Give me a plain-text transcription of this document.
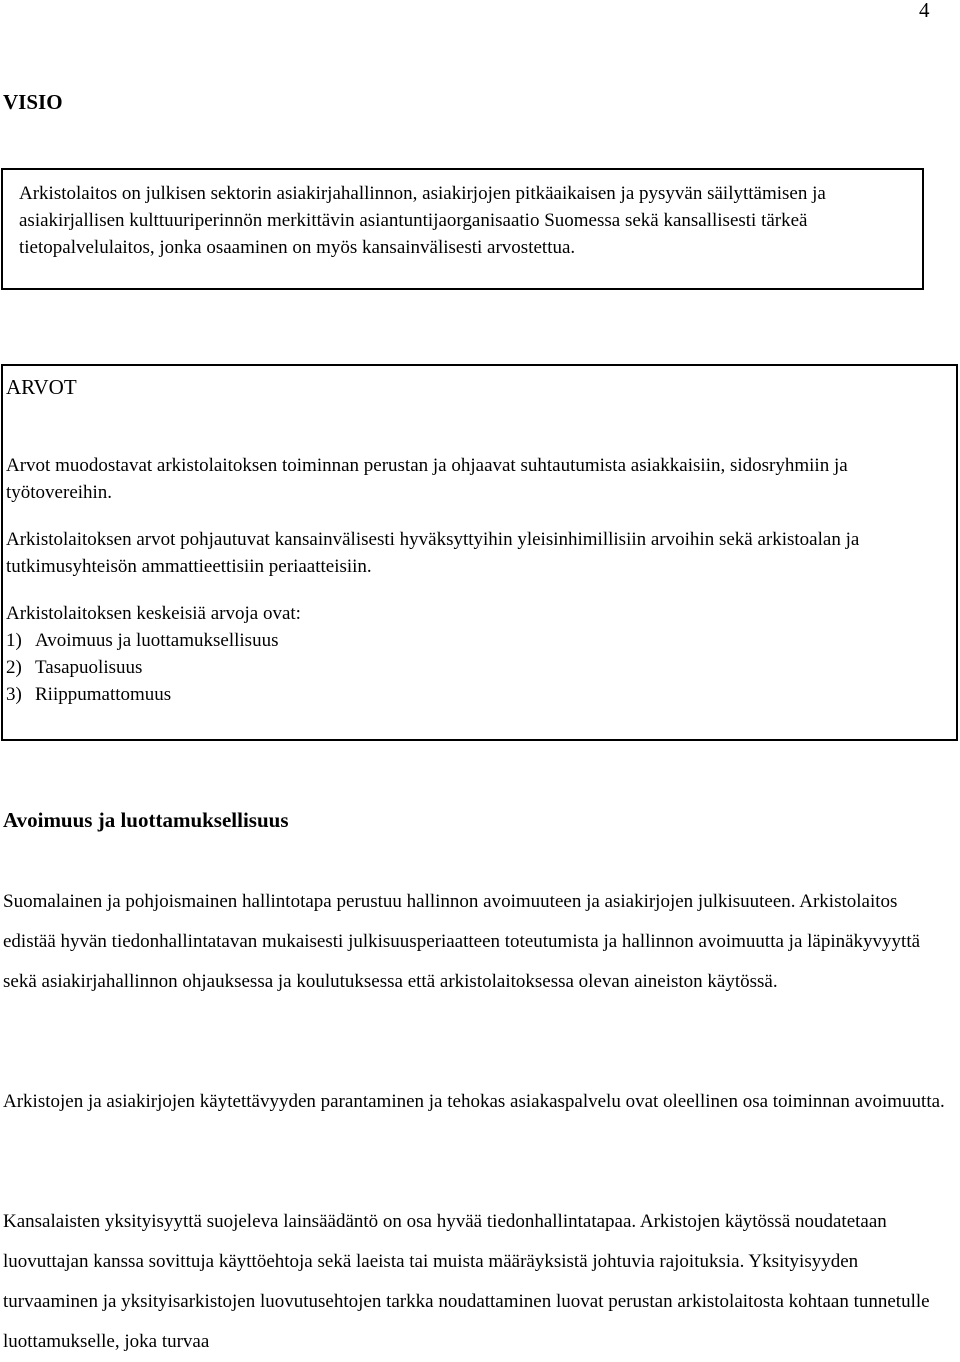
4
VISIO

Arkistolaitos on julkisen sektorin asiakirjahallinnon, asiakirjojen pitkäaikaisen ja pysyvän säilyttämisen ja asiakirjallisen kulttuuriperinnön merkittävin asiantuntijaorganisaatio Suomessa sekä kansallisesti tärkeä tietopalvelulaitos, jonka osaaminen on myös kansainvälisesti arvostettua.

ARVOT

Arvot muodostavat arkistolaitoksen toiminnan perustan ja ohjaavat suhtautumista asiakkaisiin, sidosryhmiin ja työtovereihin.

Arkistolaitoksen arvot pohjautuvat kansainvälisesti hyväksyttyihin yleisinhimillisiin arvoihin sekä arkistoalan ja tutkimusyhteisön ammattieettisiin periaatteisiin.

Arkistolaitoksen keskeisiä arvoja ovat:

1) Avoimuus ja luottamuksellisuus
2) Tasapuolisuus
3) Riippumattomuus
Avoimuus ja luottamuksellisuus

Suomalainen ja pohjoismainen hallintotapa perustuu hallinnon avoimuuteen ja asiakirjojen julkisuuteen. Arkistolaitos edistää hyvän tiedonhallintatavan mukaisesti julkisuusperiaatteen toteutumista ja hallinnon avoimuutta ja läpinäkyvyyttä sekä asiakirjahallinnon ohjauksessa ja koulutuksessa että arkistolaitoksessa olevan aineiston käytössä.

Arkistojen ja asiakirjojen käytettävyyden parantaminen ja tehokas asiakaspalvelu ovat oleellinen osa toiminnan avoimuutta.

Kansalaisten yksityisyyttä suojeleva lainsäädäntö on osa hyvää tiedonhallintatapaa. Arkistojen käytössä noudatetaan luovuttajan kanssa sovittuja käyttöehtoja sekä laeista tai muista määräyksistä johtuvia rajoituksia. Yksityisyyden turvaaminen ja yksityisarkistojen luovutusehtojen tarkka noudattaminen luovat perustan arkistolaitosta kohtaan tunnetulle luottamukselle, joka turvaa
